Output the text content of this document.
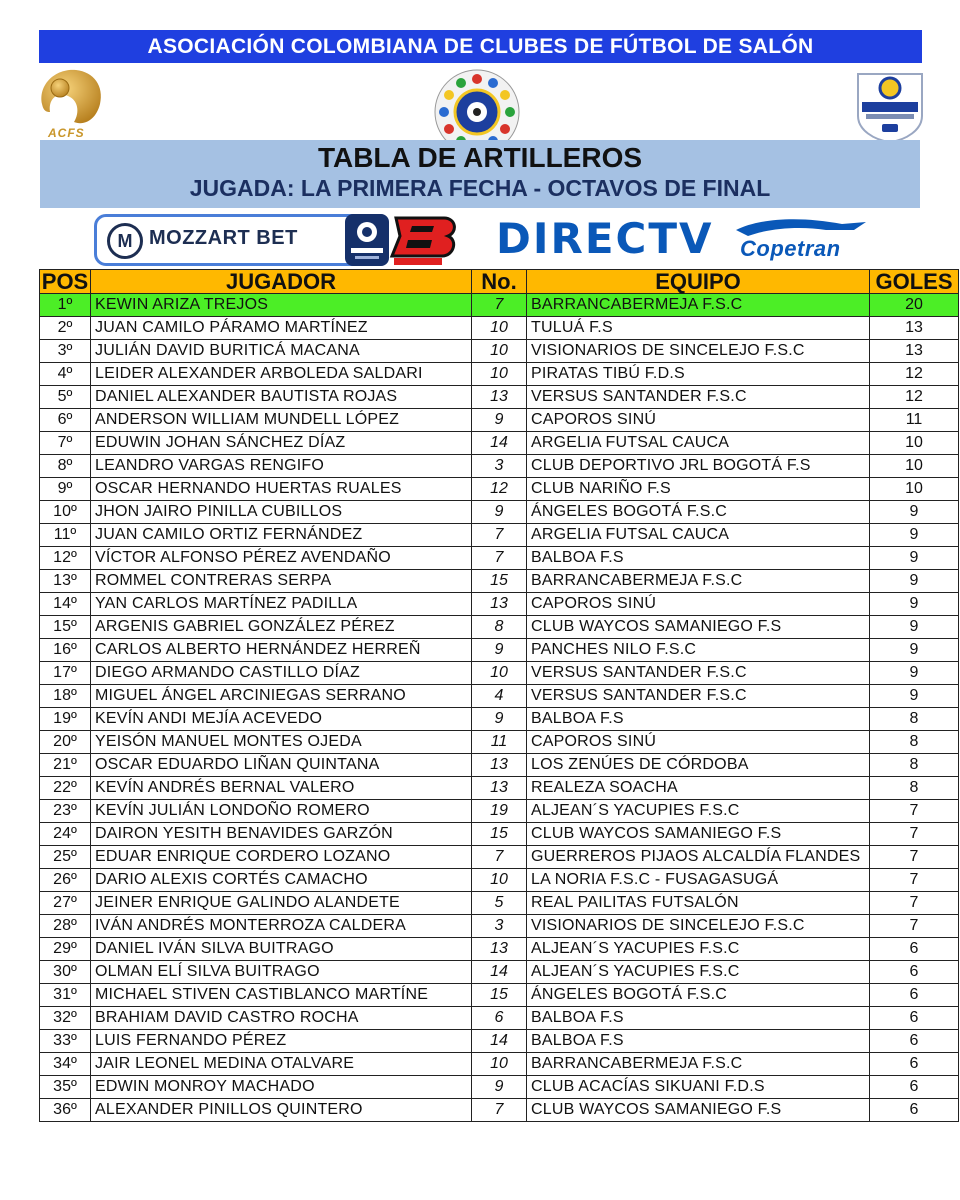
ASOCIACIÓN COLOMBIANA DE CLUBES DE FÚTBOL DE SALÓN
ACFS
TABLA DE ARTILLEROS
JUGADA: LA PRIMERA FECHA - OCTAVOS DE FINAL
M MOZZART BET	DIRECTV Copetran
POS	JUGADOR	No.	EQUIPO	GOLES
1º	KEWIN ARIZA TREJOS	7	BARRANCABERMEJA F.S.C	20
2º	JUAN CAMILO PÁRAMO MARTÍNEZ	10	TULUÁ F.S	13
3º	JULIÁN DAVID BURITICÁ MACANA	10	VISIONARIOS DE SINCELEJO F.S.C	13
4º	LEIDER ALEXANDER ARBOLEDA SALDARI	10	PIRATAS TIBÚ F.D.S	12
5º	DANIEL ALEXANDER BAUTISTA ROJAS	13	VERSUS SANTANDER F.S.C	12
6º	ANDERSON WILLIAM MUNDELL LÓPEZ	9	CAPOROS SINÚ	11
7º	EDUWIN JOHAN SÁNCHEZ DÍAZ	14	ARGELIA FUTSAL CAUCA	10
8º	LEANDRO VARGAS RENGIFO	3	CLUB DEPORTIVO JRL BOGOTÁ F.S	10
9º	OSCAR HERNANDO HUERTAS RUALES	12	CLUB NARIÑO F.S	10
10º	JHON JAIRO PINILLA CUBILLOS	9	ÁNGELES BOGOTÁ F.S.C	9
11º	JUAN CAMILO ORTIZ FERNÁNDEZ	7	ARGELIA FUTSAL CAUCA	9
12º	VÍCTOR ALFONSO PÉREZ AVENDAÑO	7	BALBOA F.S	9
13º	ROMMEL CONTRERAS SERPA	15	BARRANCABERMEJA F.S.C	9
14º	YAN CARLOS MARTÍNEZ PADILLA	13	CAPOROS SINÚ	9
15º	ARGENIS GABRIEL GONZÁLEZ PÉREZ	8	CLUB WAYCOS SAMANIEGO F.S	9
16º	CARLOS ALBERTO HERNÁNDEZ HERREÑ	9	PANCHES NILO F.S.C	9
17º	DIEGO ARMANDO CASTILLO DÍAZ	10	VERSUS SANTANDER F.S.C	9
18º	MIGUEL ÁNGEL ARCINIEGAS SERRANO	4	VERSUS SANTANDER F.S.C	9
19º	KEVÍN ANDI MEJÍA ACEVEDO	9	BALBOA F.S	8
20º	YEISÓN MANUEL MONTES OJEDA	11	CAPOROS SINÚ	8
21º	OSCAR EDUARDO LIÑAN QUINTANA	13	LOS ZENÚES DE CÓRDOBA	8
22º	KEVÍN ANDRÉS BERNAL VALERO	13	REALEZA SOACHA	8
23º	KEVÍN JULIÁN LONDOÑO ROMERO	19	ALJEAN´S YACUPIES F.S.C	7
24º	DAIRON YESITH BENAVIDES GARZÓN	15	CLUB WAYCOS SAMANIEGO F.S	7
25º	EDUAR ENRIQUE CORDERO LOZANO	7	GUERREROS PIJAOS ALCALDÍA FLANDES	7
26º	DARIO ALEXIS CORTÉS CAMACHO	10	LA NORIA F.S.C - FUSAGASUGÁ	7
27º	JEINER ENRIQUE GALINDO ALANDETE	5	REAL PAILITAS FUTSALÓN	7
28º	IVÁN ANDRÉS MONTERROZA CALDERA	3	VISIONARIOS DE SINCELEJO F.S.C	7
29º	DANIEL IVÁN SILVA BUITRAGO	13	ALJEAN´S YACUPIES F.S.C	6
30º	OLMAN ELÍ SILVA BUITRAGO	14	ALJEAN´S YACUPIES F.S.C	6
31º	MICHAEL STIVEN CASTIBLANCO MARTÍNE	15	ÁNGELES BOGOTÁ F.S.C	6
32º	BRAHIAM DAVID CASTRO ROCHA	6	BALBOA F.S	6
33º	LUIS FERNANDO PÉREZ	14	BALBOA F.S	6
34º	JAIR LEONEL MEDINA OTALVARE	10	BARRANCABERMEJA F.S.C	6
35º	EDWIN MONROY MACHADO	9	CLUB ACACÍAS SIKUANI F.D.S	6
36º	ALEXANDER PINILLOS QUINTERO	7	CLUB WAYCOS SAMANIEGO F.S	6
